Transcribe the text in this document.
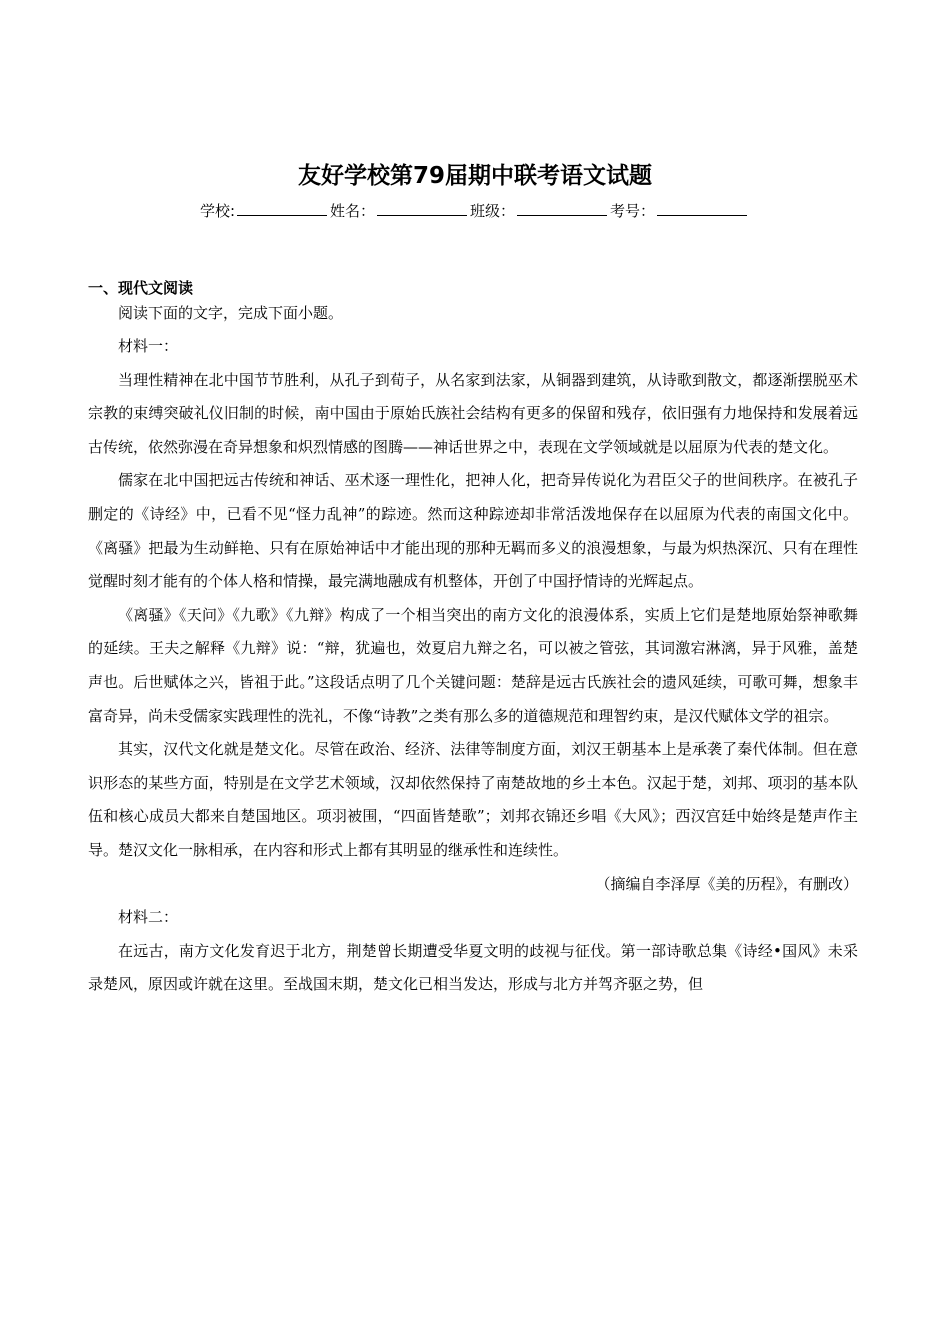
友好学校第79届期中联考语文试题
学校:	姓名：	班级：	考号：
一、现代文阅读

阅读下面的文字，完成下面小题。

材料一：

当理性精神在北中国节节胜利，从孔子到荀子，从名家到法家，从铜器到建筑，从诗歌到散文，都逐渐摆脱巫术宗教的束缚突破礼仪旧制的时候，南中国由于原始氏族社会结构有更多的保留和残存，依旧强有力地保持和发展着远古传统，依然弥漫在奇异想象和炽烈情感的图腾——神话世界之中，表现在文学领域就是以屈原为代表的楚文化。

儒家在北中国把远古传统和神话、巫术逐一理性化，把神人化，把奇异传说化为君臣父子的世间秩序。在被孔子删定的《诗经》中，已看不见“怪力乱神”的踪迹。然而这种踪迹却非常活泼地保存在以屈原为代表的南国文化中。《离骚》把最为生动鲜艳、只有在原始神话中才能出现的那种无羁而多义的浪漫想象，与最为炽热深沉、只有在理性觉醒时刻才能有的个体人格和情操，最完满地融成有机整体，开创了中国抒情诗的光辉起点。

《离骚》《天问》《九歌》《九辩》构成了一个相当突出的南方文化的浪漫体系，实质上它们是楚地原始祭神歌舞的延续。王夫之解释《九辩》说：“辩，犹遍也，效夏启九辩之名，可以被之管弦，其词激宕淋漓，异于风雅，盖楚声也。后世赋体之兴，皆祖于此。”这段话点明了几个关键问题：楚辞是远古氏族社会的遗风延续，可歌可舞，想象丰富奇异，尚未受儒家实践理性的洗礼，不像“诗教”之类有那么多的道德规范和理智约束，是汉代赋体文学的祖宗。

其实，汉代文化就是楚文化。尽管在政治、经济、法律等制度方面，刘汉王朝基本上是承袭了秦代体制。但在意识形态的某些方面，特别是在文学艺术领域，汉却依然保持了南楚故地的乡土本色。汉起于楚，刘邦、项羽的基本队伍和核心成员大都来自楚国地区。项羽被围，“四面皆楚歌”；刘邦衣锦还乡唱《大风》；西汉宫廷中始终是楚声作主导。楚汉文化一脉相承，在内容和形式上都有其明显的继承性和连续性。

（摘编自李泽厚《美的历程》，有删改）

材料二：

在远古，南方文化发育迟于北方，荆楚曾长期遭受华夏文明的歧视与征伐。第一部诗歌总集《诗经•国风》未采录楚风，原因或许就在这里。至战国末期，楚文化已相当发达，形成与北方并驾齐驱之势，但
